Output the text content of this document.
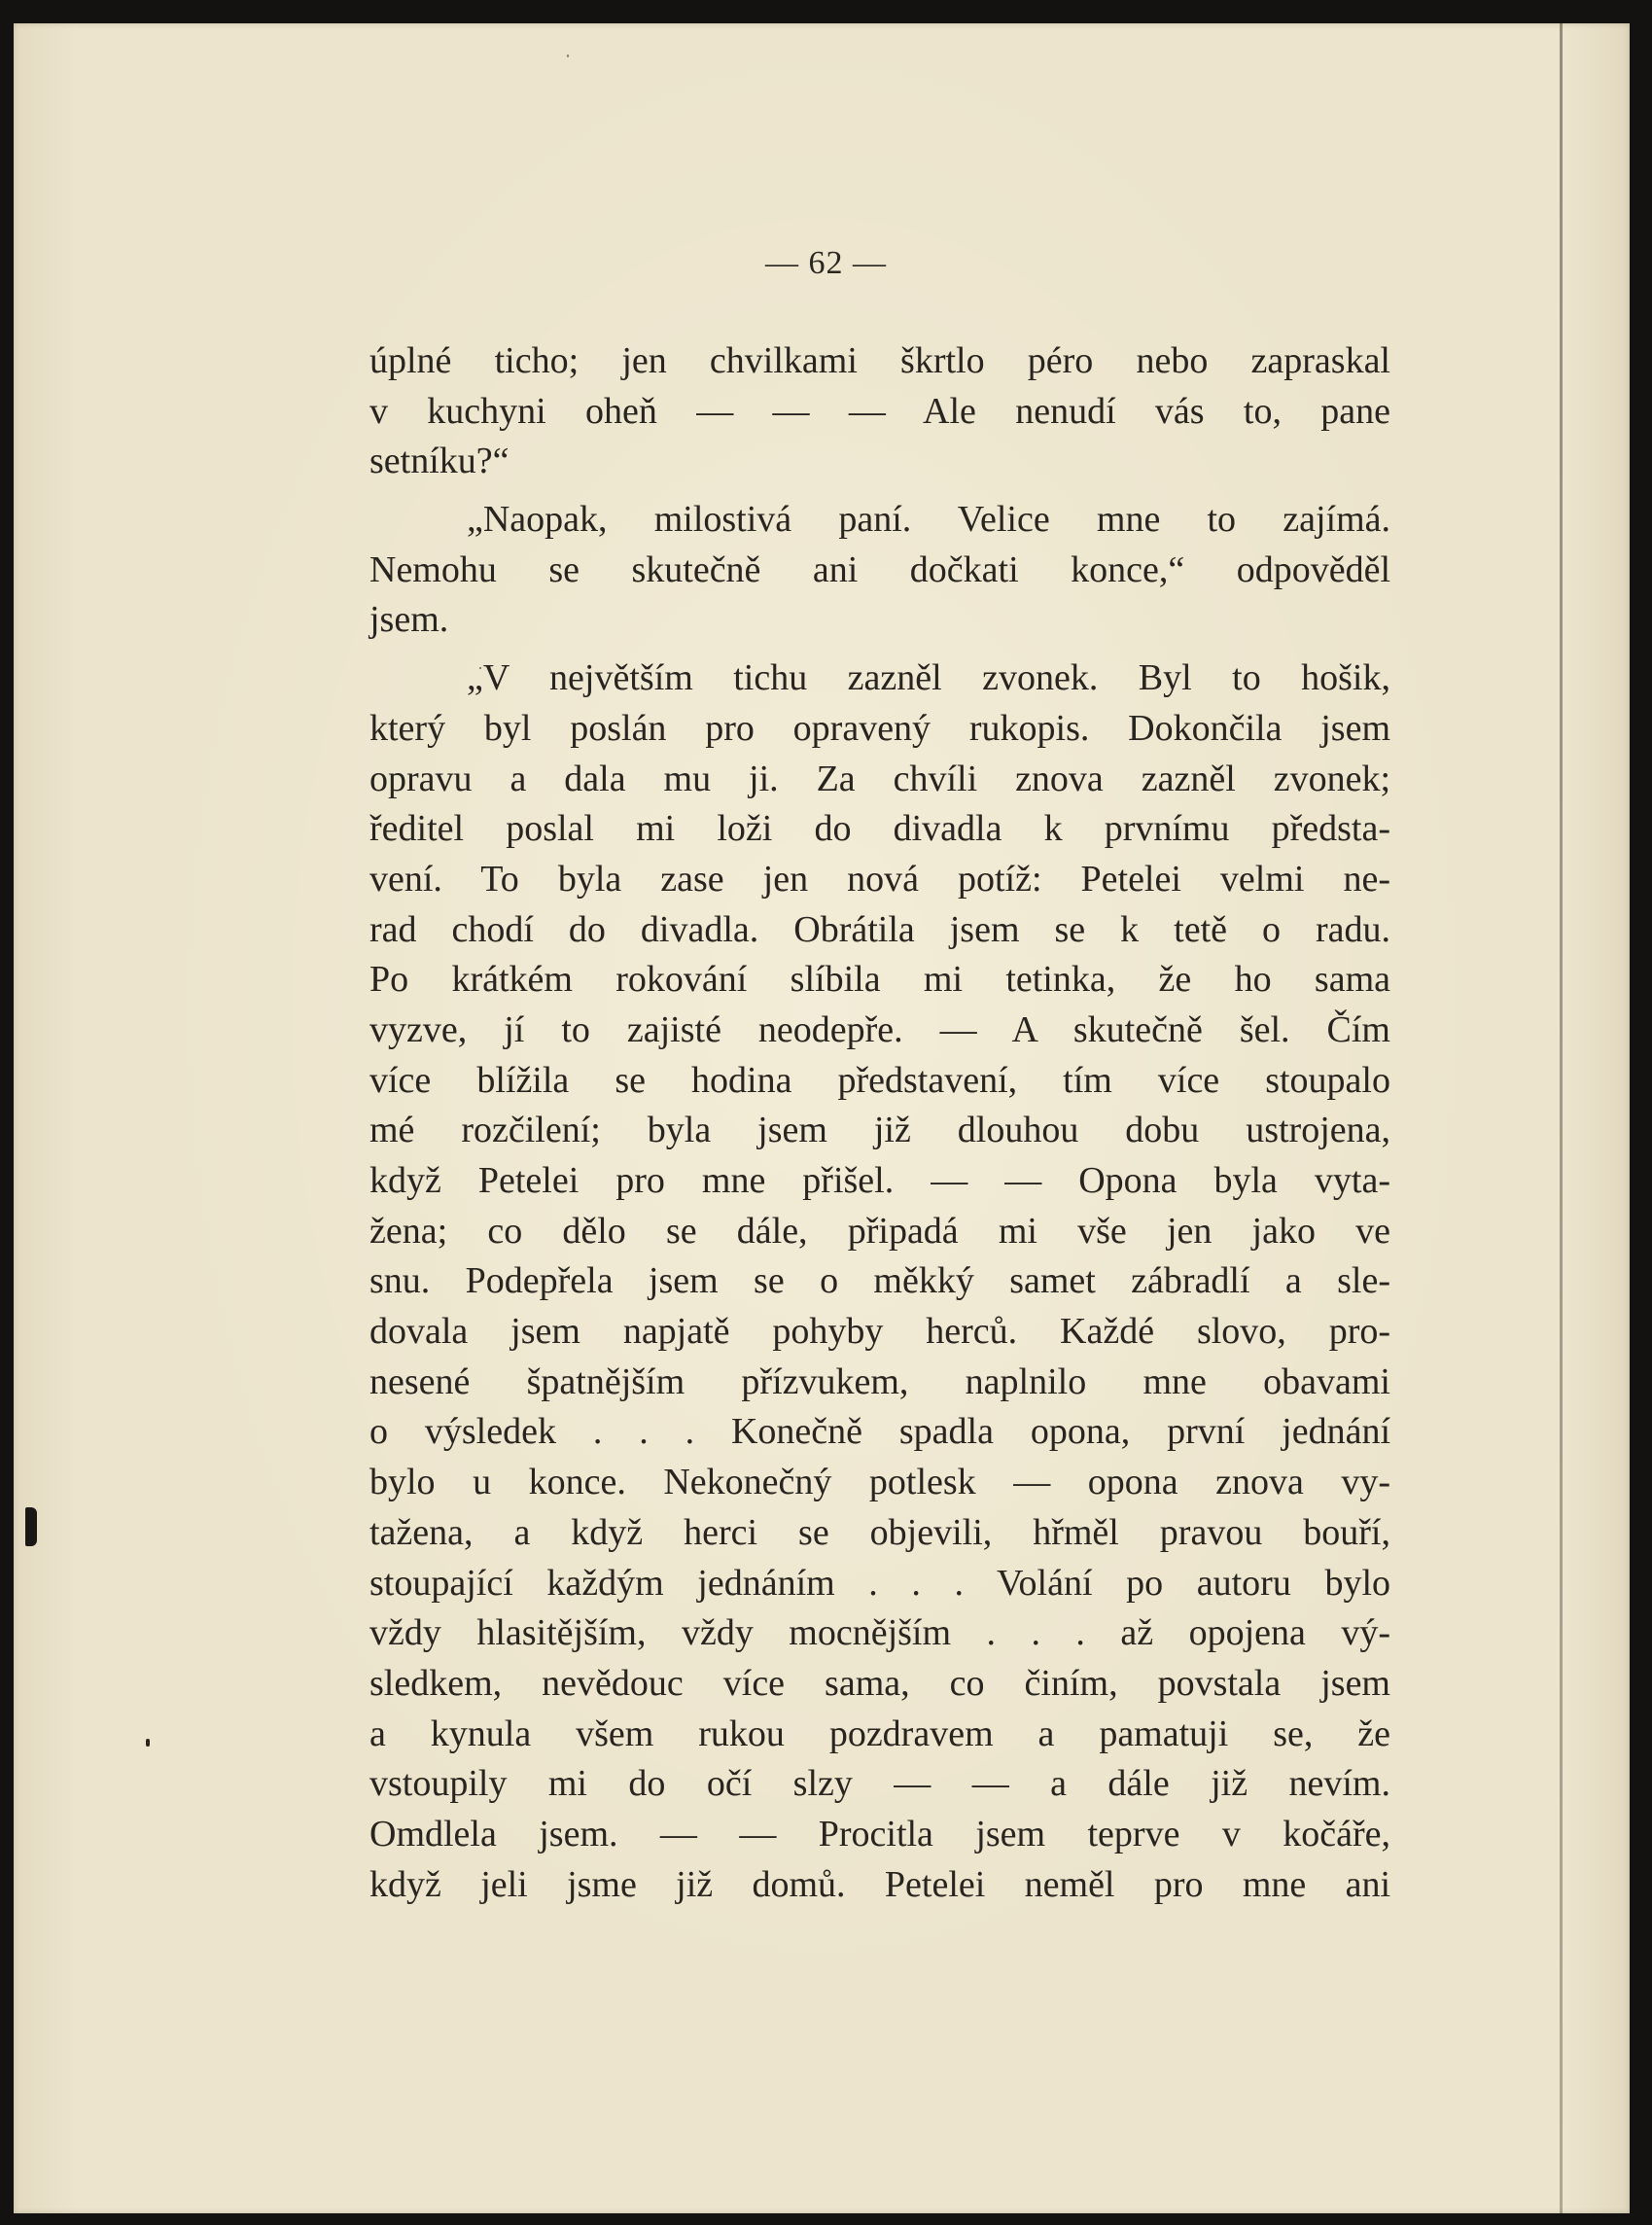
— 62 —
úplné ticho; jen chvilkami škrtlo péro nebo zapraskal
v kuchyni oheň — — — Ale nenudí vás to, pane
setníku?“
„Naopak, milostivá paní. Velice mne to zajímá.
Nemohu se skutečně ani dočkati konce,“ odpověděl
jsem.
„V největším tichu zazněl zvonek. Byl to hošik,
který byl poslán pro opravený rukopis. Dokončila jsem
opravu a dala mu ji. Za chvíli znova zazněl zvonek;
ředitel poslal mi loži do divadla k prvnímu předsta-
vení. To byla zase jen nová potíž: Petelei velmi ne-
rad chodí do divadla. Obrátila jsem se k tetě o radu.
Po krátkém rokování slíbila mi tetinka, že ho sama
vyzve, jí to zajisté neodepře. — A skutečně šel. Čím
více blížila se hodina představení, tím více stoupalo
mé rozčilení; byla jsem již dlouhou dobu ustrojena,
když Petelei pro mne přišel. — — Opona byla vyta-
žena; co dělo se dále, připadá mi vše jen jako ve
snu. Podepřela jsem se o měkký samet zábradlí a sle-
dovala jsem napjatě pohyby herců. Každé slovo, pro-
nesené špatnějším přízvukem, naplnilo mne obavami
o výsledek . . . Konečně spadla opona, první jednání
bylo u konce. Nekonečný potlesk — opona znova vy-
tažena, a když herci se objevili, hřměl pravou bouří,
stoupající každým jednáním . . . Volání po autoru bylo
vždy hlasitějším, vždy mocnějším . . . až opojena vý-
sledkem, nevědouc více sama, co činím, povstala jsem
a kynula všem rukou pozdravem a pamatuji se, že
vstoupily mi do očí slzy — — a dále již nevím.
Omdlela jsem. — — Procitla jsem teprve v kočáře,
když jeli jsme již domů. Petelei neměl pro mne ani
